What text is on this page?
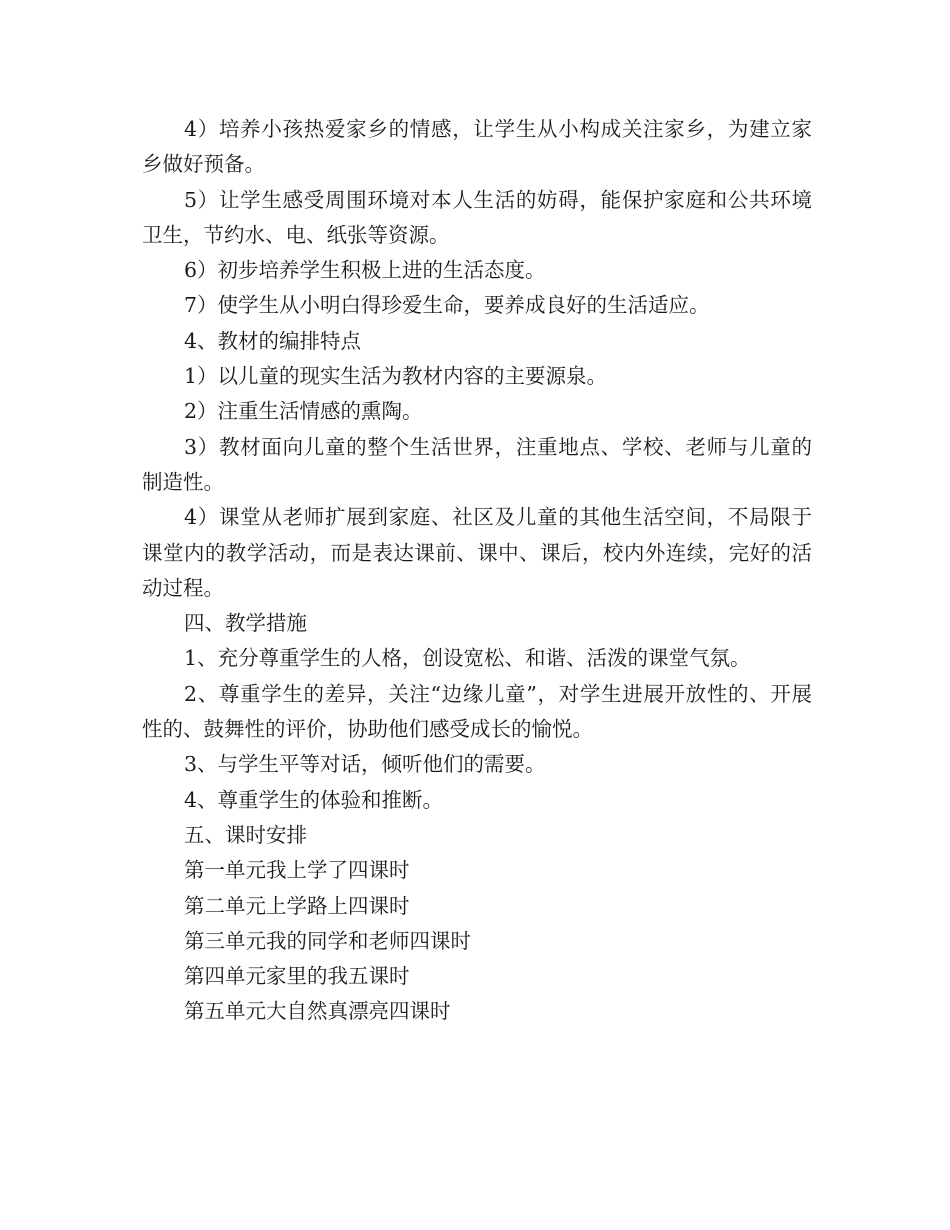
4）培养小孩热爱家乡的情感，让学生从小构成关注家乡，为建立家乡做好预备。

5）让学生感受周围环境对本人生活的妨碍，能保护家庭和公共环境卫生，节约水、电、纸张等资源。

6）初步培养学生积极上进的生活态度。

7）使学生从小明白得珍爱生命，要养成良好的生活适应。

4、教材的编排特点

1）以儿童的现实生活为教材内容的主要源泉。

2）注重生活情感的熏陶。

3）教材面向儿童的整个生活世界，注重地点、学校、老师与儿童的制造性。

4）课堂从老师扩展到家庭、社区及儿童的其他生活空间，不局限于课堂内的教学活动，而是表达课前、课中、课后，校内外连续，完好的活动过程。

四、教学措施

1、充分尊重学生的人格，创设宽松、和谐、活泼的课堂气氛。

2、尊重学生的差异，关注“边缘儿童”，对学生进展开放性的、开展性的、鼓舞性的评价，协助他们感受成长的愉悦。

3、与学生平等对话，倾听他们的需要。

4、尊重学生的体验和推断。

五、课时安排

第一单元我上学了四课时

第二单元上学路上四课时

第三单元我的同学和老师四课时

第四单元家里的我五课时

第五单元大自然真漂亮四课时
